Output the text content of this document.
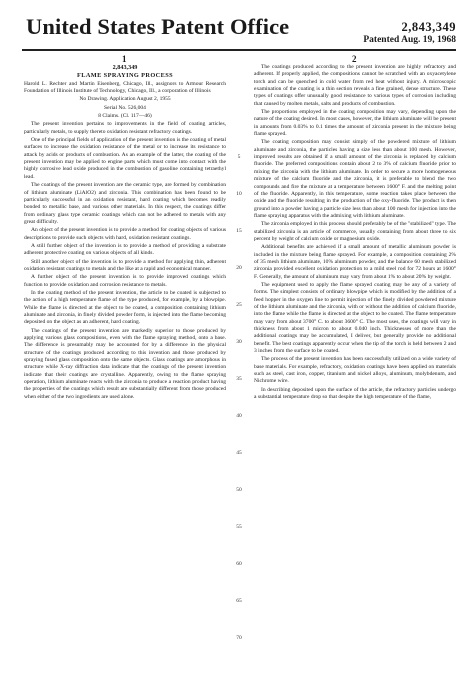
United States Patent Office	2,843,349
Patented Aug. 19, 1968
1	2

2,843,349

FLAME SPRAYING PROCESS

Harold L. Rechter and Martin Eisenberg, Chicago, Ill., assignors to Armour Research Foundation of Illinois Institute of Technology, Chicago, Ill., a corporation of Illinois

No Drawing. Application August 2, 1955

Serial No. 526,004

8 Claims. (Cl. 117—46)

The present invention pertains to improvements in the field of coating articles, particularly metals, to supply thereto oxidation resistant refractory coatings.

One of the principal fields of application of the present invention is the coating of metal surfaces to increase the oxidation resistance of the metal or to increase its resistance to attack by acids or products of combustion. As an example of the latter, the coating of the present invention may be applied to engine parts which must come into contact with the highly corrosive lead oxide produced in the combustion of gasoline containing tetraethyl lead.

The coatings of the present invention are the ceramic type, are formed by combination of lithium aluminate (LiAlO2) and zirconia. This combination has been found to be particularly successful in an oxidation resistant, hard coating which becomes readily bonded to metallic base, and various other materials. In this respect, the coatings differ from ordinary glass type ceramic coatings which can not be adhered to metals with any great difficulty.

An object of the present invention is to provide a method for coating objects of various descriptions to provide such objects with hard, oxidation resistant coatings.

A still further object of the invention is to provide a method of providing a substrate adherent protective coating on various objects of all kinds.

Still another object of the invention is to provide a method for applying thin, adherent oxidation resistant coatings to metals and the like at a rapid and economical manner.

A further object of the present invention is to provide improved coatings which function to provide oxidation and corrosion resistance to metals.

In the coating method of the present invention, the article to be coated is subjected to the action of a high temperature flame of the type produced, for example, by a blowpipe. While the flame is directed at the object to be coated, a composition containing lithium aluminate and zirconia, in finely divided powder form, is injected into the flame becoming deposited on the object as an adherent, hard coating.

The coatings of the present invention are markedly superior to those produced by applying various glass compositions, even with the flame spraying method, onto a base. The difference is presumably may be accounted for by a difference in the physical structure of the coatings produced according to this invention and those produced by spraying fused glass composition onto the same objects. Glass coatings are amorphous in structure while X-ray diffraction data indicate that the coatings of the present invention indicate that their coatings are crystalline. Apparently, owing to the flame spraying operation, lithium aluminate reacts with the zirconia to produce a reaction product having the properties of the coatings which result are substantially different from those produced when either of the two ingredients are used alone.

5
10
15
20
25
30
35
40
45
50
55
60
65
70

The coatings produced according to the present invention are highly refractory and adherent. If properly applied, the compositions cannot be scratched with an oxyacetylene torch and can be quenched in cold water from red heat without injury. A microscopic examination of the coating is a thin section reveals a fine grained, dense structure. These types of coatings offer unusually good resistance to various types of corrosion including that caused by molten metals, salts and products of combustion.

The proportions employed in the coating composition may vary, depending upon the nature of the coating desired. In most cases, however, the lithium aluminate will be present in amounts from 0.03% to 0.1 times the amount of zirconia present in the mixture being flame sprayed.

The coating composition may consist simply of the powdered mixture of lithium aluminate and zirconia, the particles having a size less than about 100 mesh. However, improved results are obtained if a small amount of the zirconia is replaced by calcium fluoride. The preferred compositions contain about 2 to 3% of calcium fluoride prior to mixing the zirconia with the lithium aluminate. In order to secure a more homogeneous mixture of the calcium fluoride and the zirconia, it is preferable to blend the two compounds and fire the mixture at a temperature between 1600° F. and the melting point of the fluoride. Apparently, in this temperature, some reaction takes place between the oxide and the fluoride resulting in the production of the oxy-fluoride. The product is then ground into a powder having a particle size less than about 100 mesh for injection into the flame spraying apparatus with the admixing with lithium aluminate.

The zirconia employed in this process should preferably be of the "stabilized" type. The stabilized zirconia is an article of commerce, usually containing from about three to six percent by weight of calcium oxide or magnesium oxide.

Additional benefits are achieved if a small amount of metallic aluminum powder is included in the mixture being flame sprayed. For example, a composition containing 2% of 35 mesh lithium aluminate, 10% aluminum powder, and the balance 60 mesh stabilized zirconia provided excellent oxidation protection to a mild steel rod for 72 hours at 1600° F. Generally, the amount of aluminum may vary from about 1% to about 20% by weight.

The equipment used to apply the flame sprayed coating may be any of a variety of forms. The simplest consists of ordinary blowpipe which is modified by the addition of a feed hopper in the oxygen line to permit injection of the finely divided powdered mixture of the lithium aluminate and the zirconia, with or without the addition of calcium fluoride, into the flame while the flame is directed at the object to be coated. The flame temperature may vary from about 3700° C. to about 3600° C. The most uses, the coatings will vary in thickness from about 1 micron to about 0.040 inch. Thicknesses of more than the additional coatings may be accumulated, I deliver, but generally provide no additional benefit. The best coatings apparently occur when the tip of the torch is held between 2 and 3 inches from the surface to be coated.

The process of the present invention has been successfully utilized on a wide variety of base materials. For example, refractory, oxidation coatings have been applied on materials such as steel, cast iron, copper, titanium and nickel alloys, aluminum, molybdenum, and Nichrome wire.

In describing deposited upon the surface of the article, the refractory particles undergo a substantial temperature drop so that despite the high temperature of the flame,
